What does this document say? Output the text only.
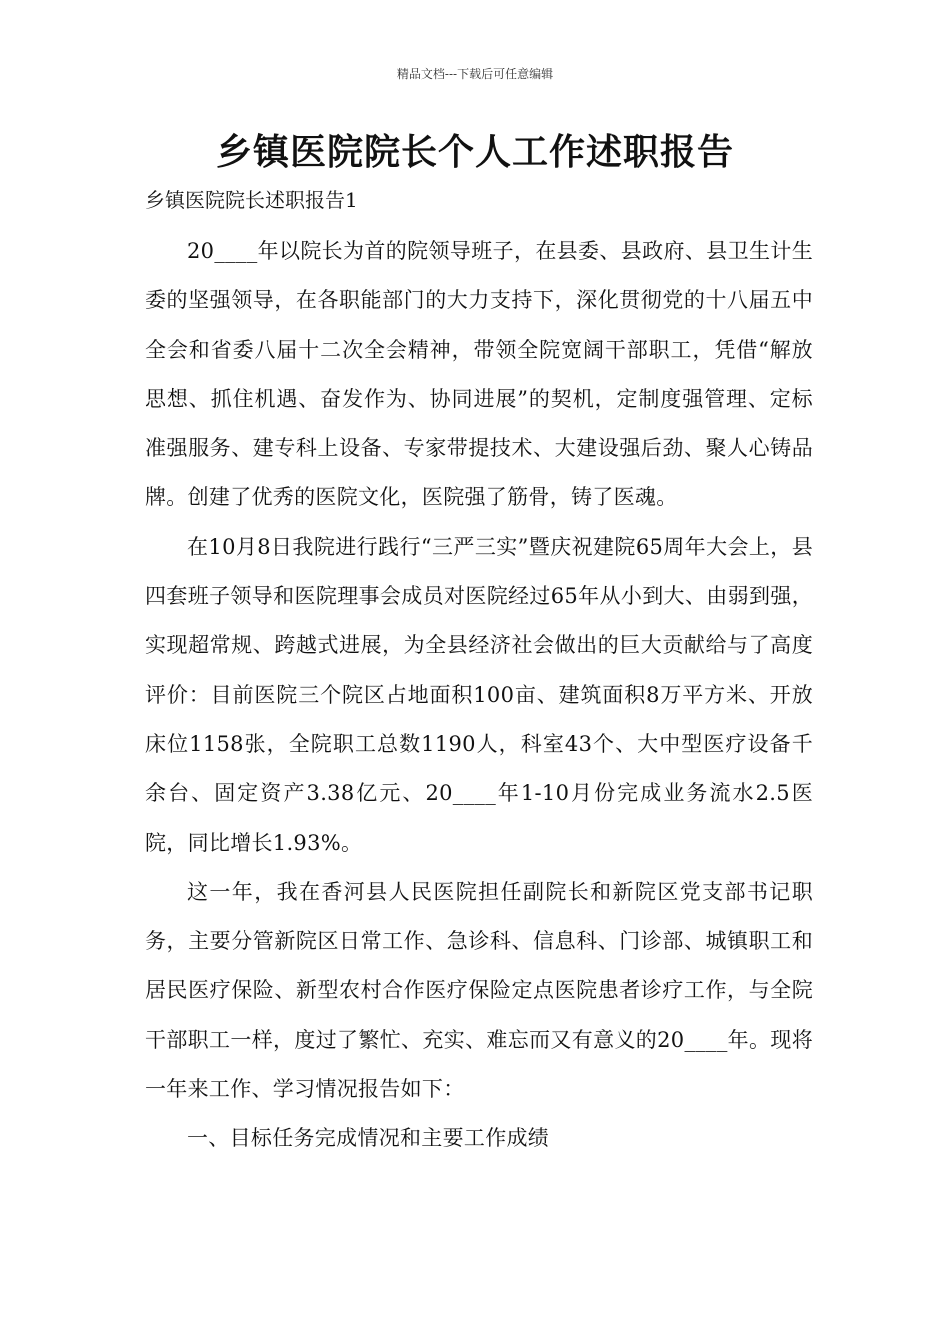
精品文档---下载后可任意编辑
乡镇医院院长个人工作述职报告

乡镇医院院长述职报告1

20____年以院长为首的院领导班子，在县委、县政府、县卫生计生委的坚强领导，在各职能部门的大力支持下，深化贯彻党的十八届五中全会和省委八届十二次全会精神，带领全院宽阔干部职工，凭借“解放思想、抓住机遇、奋发作为、协同进展”的契机，定制度强管理、定标准强服务、建专科上设备、专家带提技术、大建设强后劲、聚人心铸品牌。创建了优秀的医院文化，医院强了筋骨，铸了医魂。

在10月8日我院进行践行“三严三实”暨庆祝建院65周年大会上，县四套班子领导和医院理事会成员对医院经过65年从小到大、由弱到强，实现超常规、跨越式进展，为全县经济社会做出的巨大贡献给与了高度评价：目前医院三个院区占地面积100亩、建筑面积8万平方米、开放床位1158张，全院职工总数1190人，科室43个、大中型医疗设备千余台、固定资产3.38亿元、20____年1-10月份完成业务流水2.5医院，同比增长1.93%。

这一年，我在香河县人民医院担任副院长和新院区党支部书记职务，主要分管新院区日常工作、急诊科、信息科、门诊部、城镇职工和居民医疗保险、新型农村合作医疗保险定点医院患者诊疗工作，与全院干部职工一样，度过了繁忙、充实、难忘而又有意义的20____年。现将一年来工作、学习情况报告如下：

一、目标任务完成情况和主要工作成绩
